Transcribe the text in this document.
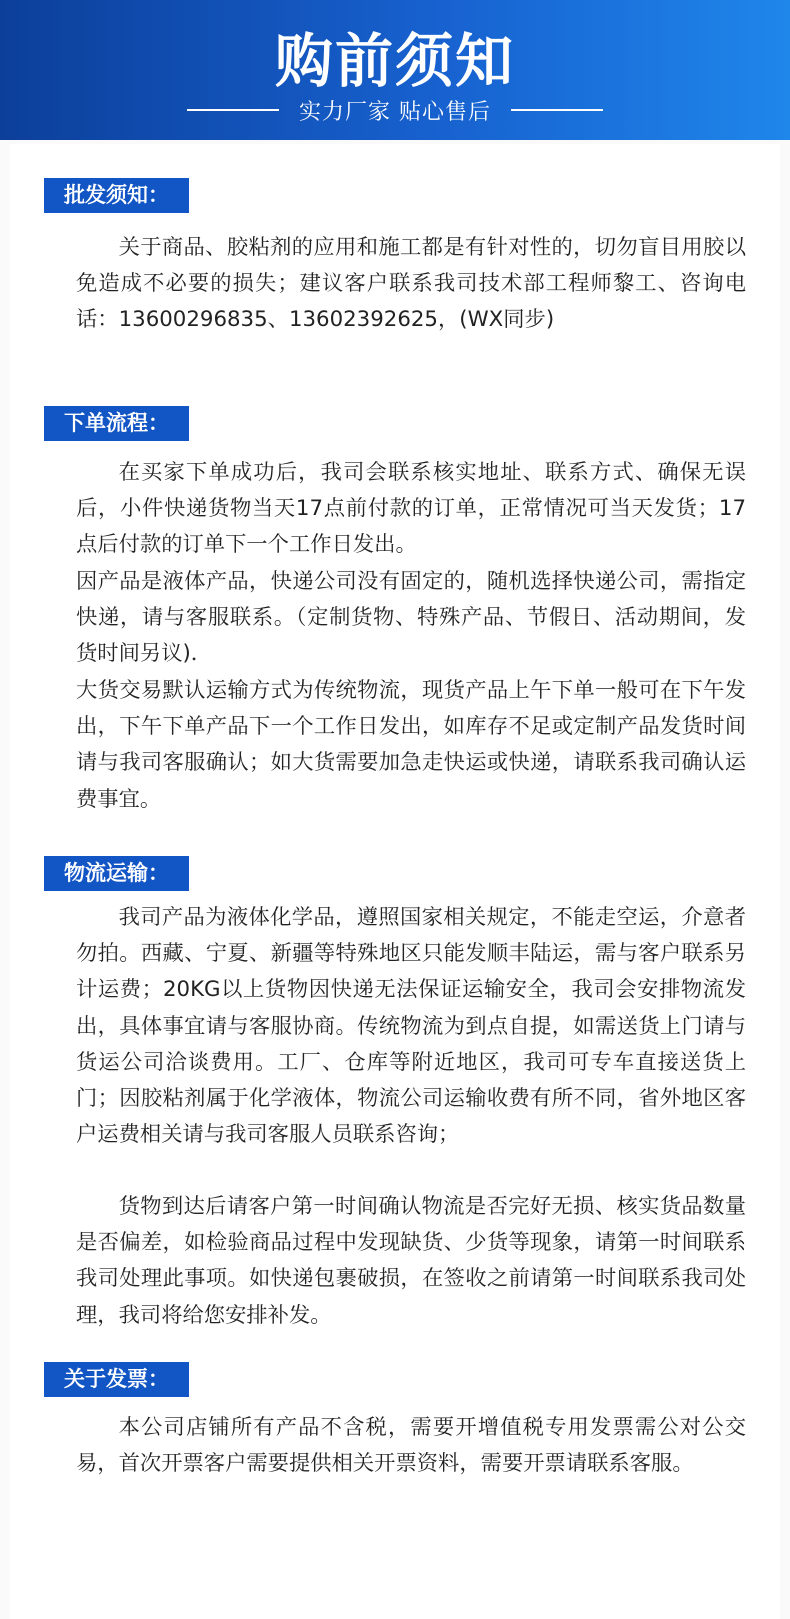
购前须知
实力厂家 贴心售后
批发须知：
关于商品、胶粘剂的应用和施工都是有针对性的，切勿盲目用胶以免造成不必要的损失；建议客户联系我司技术部工程师黎工、咨询电话：13600296835、13602392625，(WX同步)
下单流程：
在买家下单成功后，我司会联系核实地址、联系方式、确保无误后，小件快递货物当天17点前付款的订单，正常情况可当天发货；17点后付款的订单下一个工作日发出。
因产品是液体产品，快递公司没有固定的，随机选择快递公司，需指定快递，请与客服联系。（定制货物、特殊产品、节假日、活动期间，发货时间另议)．
大货交易默认运输方式为传统物流，现货产品上午下单一般可在下午发出，下午下单产品下一个工作日发出，如库存不足或定制产品发货时间请与我司客服确认；如大货需要加急走快运或快递，请联系我司确认运费事宜。
物流运输：
我司产品为液体化学品，遵照国家相关规定，不能走空运，介意者勿拍。西藏、宁夏、新疆等特殊地区只能发顺丰陆运，需与客户联系另计运费；20KG以上货物因快递无法保证运输安全，我司会安排物流发出，具体事宜请与客服协商。传统物流为到点自提，如需送货上门请与货运公司洽谈费用。工厂、仓库等附近地区，我司可专车直接送货上门；因胶粘剂属于化学液体，物流公司运输收费有所不同，省外地区客户运费相关请与我司客服人员联系咨询；
货物到达后请客户第一时间确认物流是否完好无损、核实货品数量是否偏差，如检验商品过程中发现缺货、少货等现象，请第一时间联系我司处理此事项。如快递包裹破损，在签收之前请第一时间联系我司处理，我司将给您安排补发。
关于发票：
本公司店铺所有产品不含税，需要开增值税专用发票需公对公交易，首次开票客户需要提供相关开票资料，需要开票请联系客服。
